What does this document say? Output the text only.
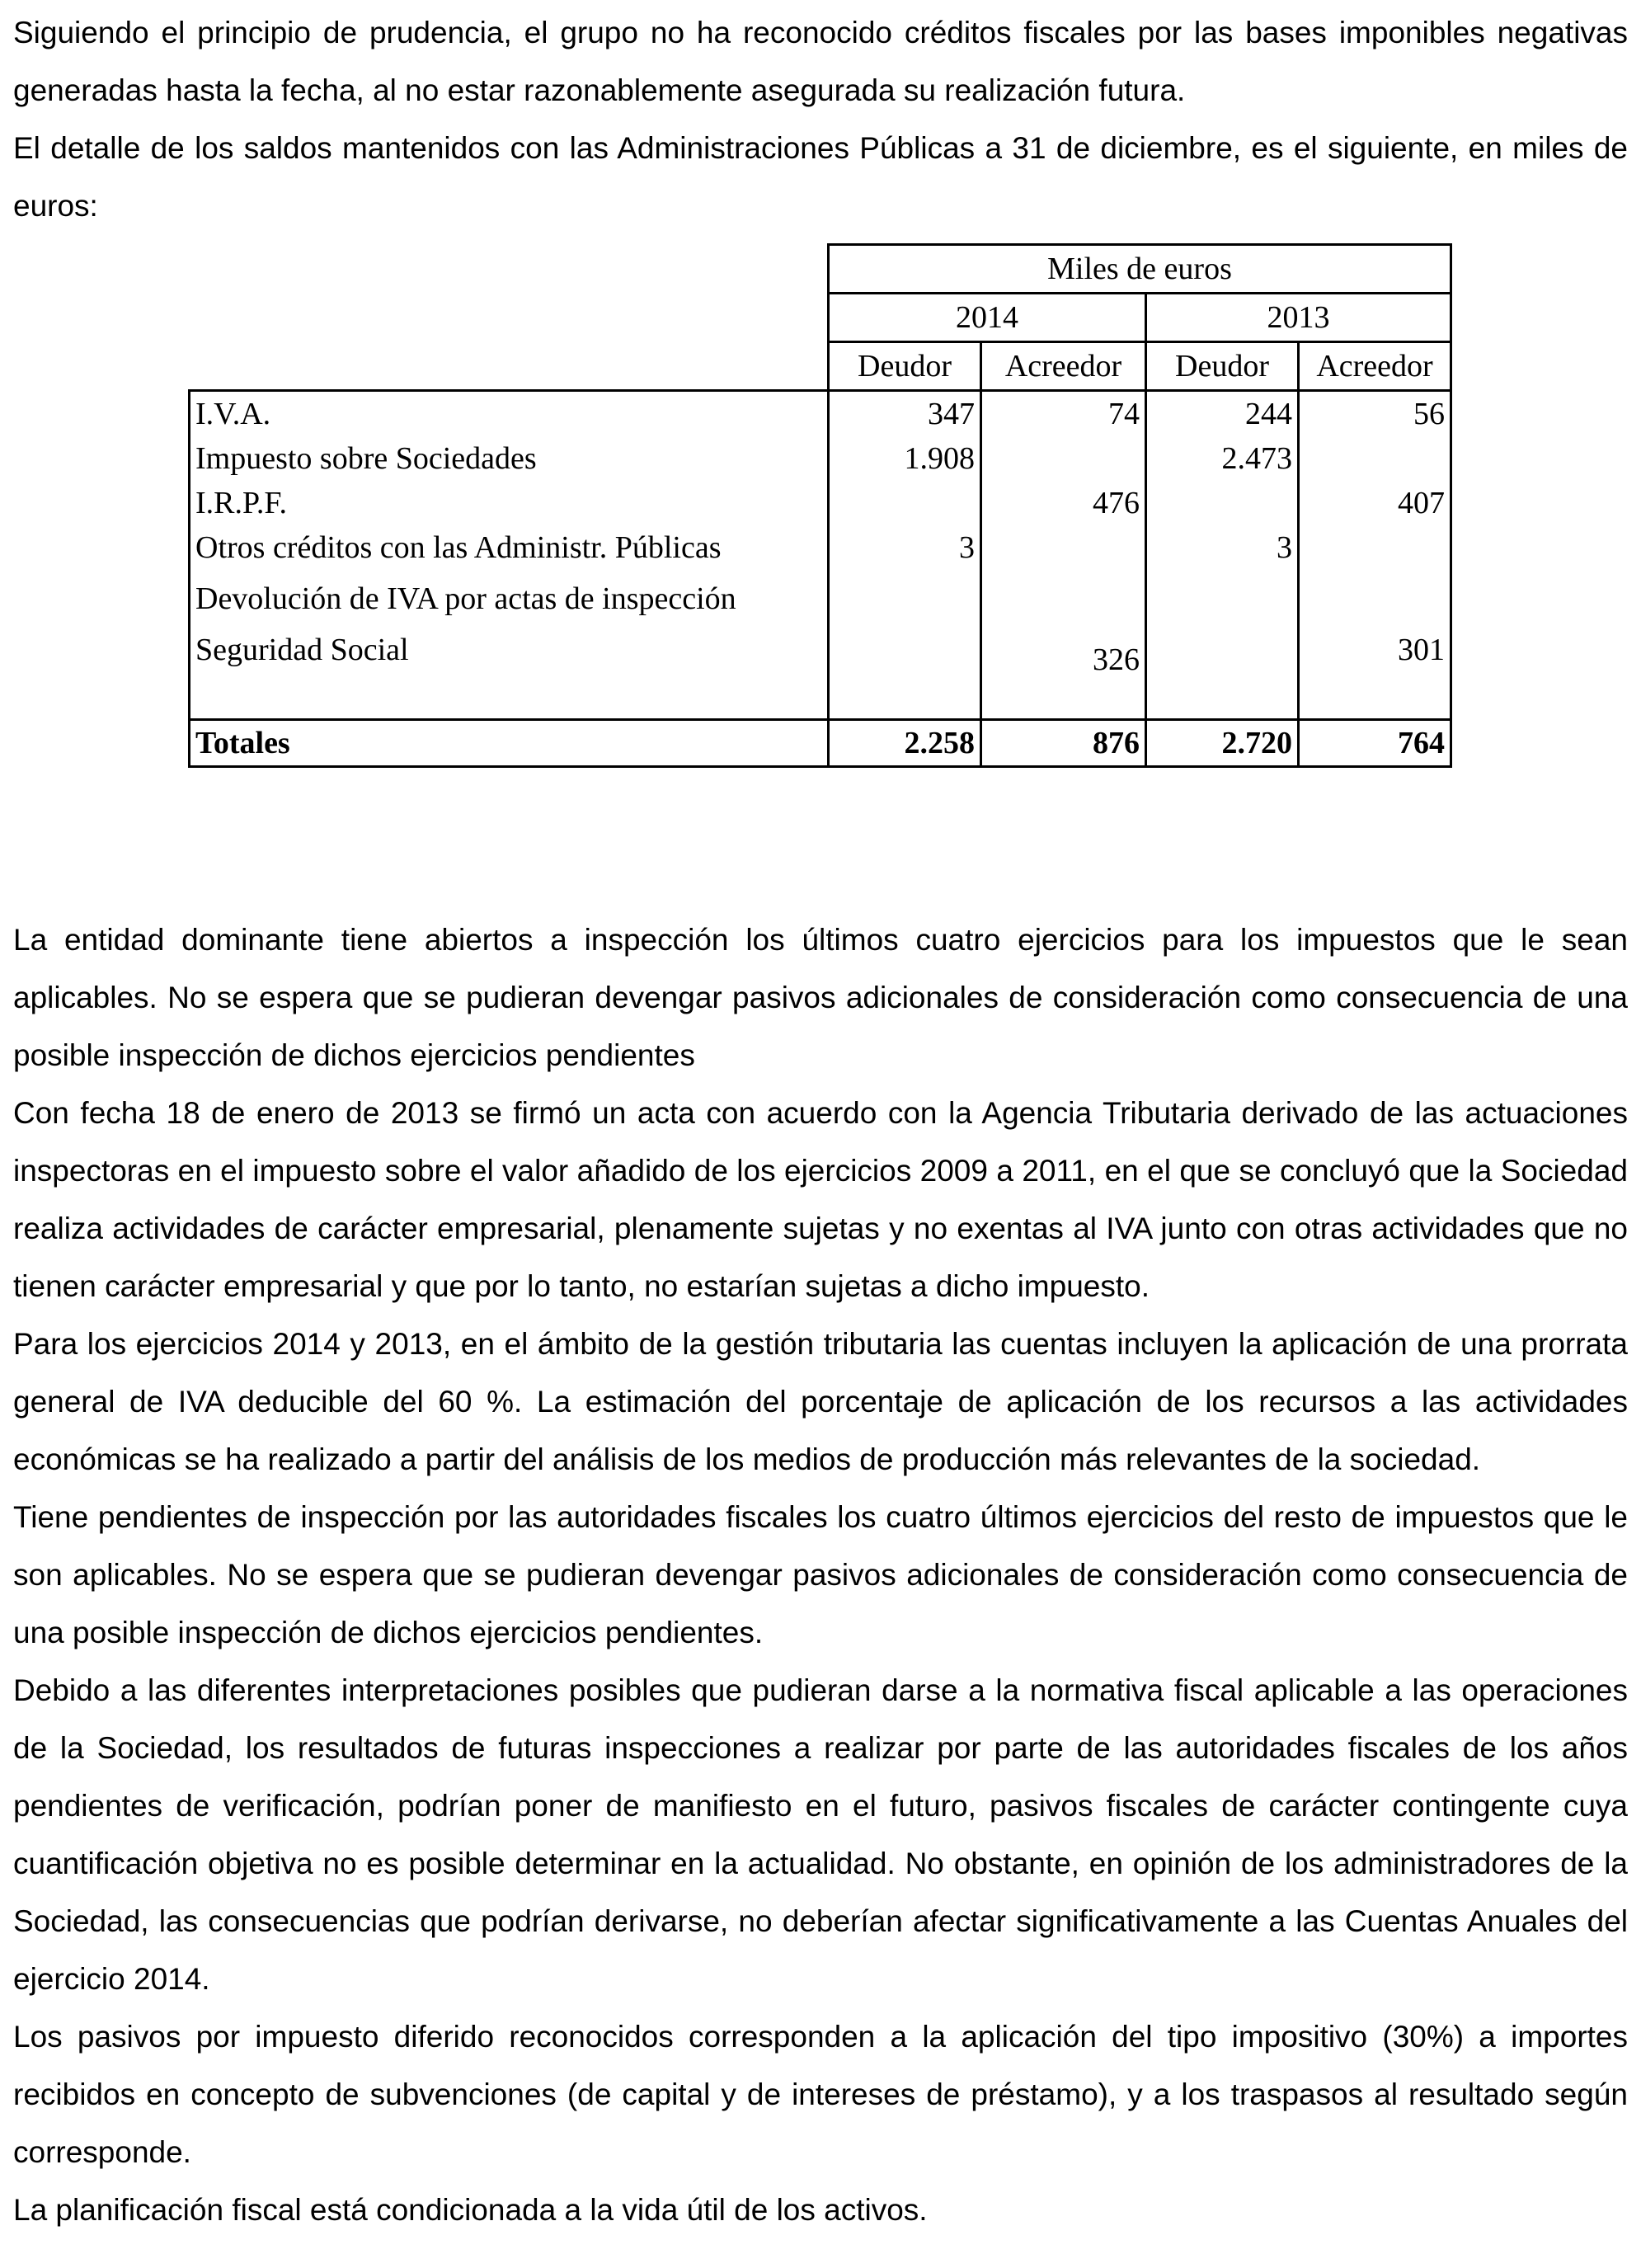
Siguiendo el principio de prudencia, el grupo no ha reconocido créditos fiscales por las bases imponibles negativas generadas hasta la fecha, al no estar razonablemente asegurada su realización futura.

El detalle de los saldos mantenidos con las Administraciones Públicas a 31 de diciembre, es el siguiente, en miles de euros:

	Miles de euros			
	2014		2013	
	Deudor	Acreedor	Deudor	Acreedor
I.V.A.	347	74	244	56
Impuesto sobre Sociedades	1.908		2.473	
I.R.P.F.		476		407
Otros créditos con las Administr. Públicas	3		3	
Devolución de IVA por actas de inspección				
Seguridad Social		326		301
Totales	2.258	876	2.720	764

La entidad dominante tiene abiertos a inspección los últimos cuatro ejercicios para los impuestos que le sean aplicables. No se espera que se pudieran devengar pasivos adicionales de consideración como consecuencia de una posible inspección de dichos ejercicios pendientes

Con fecha 18 de enero de 2013 se firmó un acta con acuerdo con la Agencia Tributaria derivado de las actuaciones inspectoras en el impuesto sobre el valor añadido de los ejercicios 2009 a 2011, en el que se concluyó que la Sociedad realiza actividades de carácter empresarial, plenamente sujetas y no exentas al IVA junto con otras actividades que no tienen carácter empresarial y que por lo tanto, no estarían sujetas a dicho impuesto.

Para los ejercicios 2014 y 2013, en el ámbito de la gestión tributaria las cuentas incluyen la aplicación de una prorrata general de IVA deducible del 60 %. La estimación del porcentaje de aplicación de los recursos a las actividades económicas se ha realizado a partir del análisis de los medios de producción más relevantes de la sociedad.

Tiene pendientes de inspección por las autoridades fiscales los cuatro últimos ejercicios del resto de impuestos que le son aplicables. No se espera que se pudieran devengar pasivos adicionales de consideración como consecuencia de una posible inspección de dichos ejercicios pendientes.

Debido a las diferentes interpretaciones posibles que pudieran darse a la normativa fiscal aplicable a las operaciones de la Sociedad, los resultados de futuras inspecciones a realizar por parte de las autoridades fiscales de los años pendientes de verificación, podrían poner de manifiesto en el futuro, pasivos fiscales de carácter contingente cuya cuantificación objetiva no es posible determinar en la actualidad. No obstante, en opinión de los administradores de la Sociedad, las consecuencias que podrían derivarse, no deberían afectar significativamente a las Cuentas Anuales del ejercicio 2014.

Los pasivos por impuesto diferido reconocidos corresponden a la aplicación del tipo impositivo (30%) a importes recibidos en concepto de subvenciones (de capital y de intereses de préstamo), y a los traspasos al resultado según corresponde.

La planificación fiscal está condicionada a la vida útil de los activos.
